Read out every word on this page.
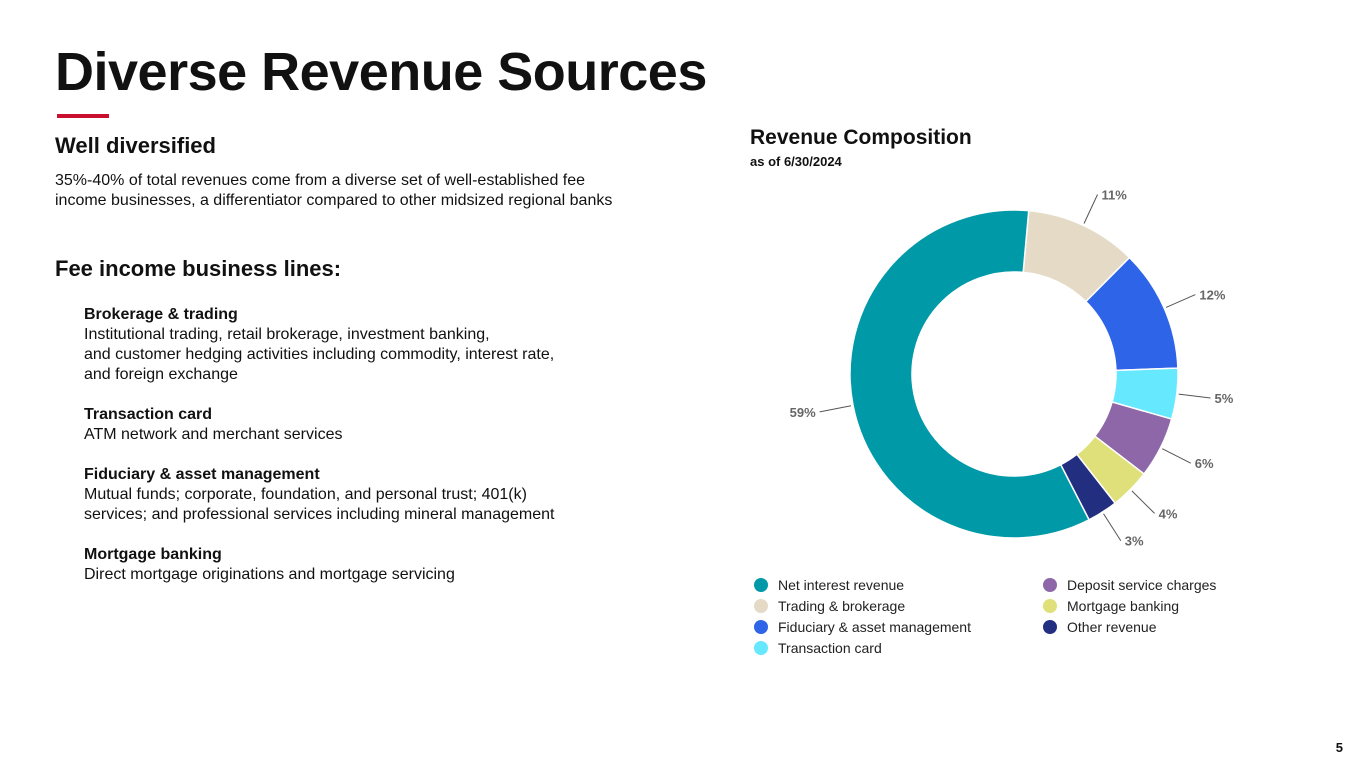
Diverse Revenue Sources
Well diversified
35%-40% of total revenues come from a diverse set of well-established fee income businesses, a differentiator compared to other midsized regional banks
Fee income business lines:
Brokerage & trading
Institutional trading, retail brokerage, investment banking,
and customer hedging activities including commodity, interest rate,
and foreign exchange
Transaction card
ATM network and merchant services
Fiduciary & asset management
Mutual funds; corporate, foundation, and personal trust; 401(k)
services; and professional services including mineral management
Mortgage banking
Direct mortgage originations and mortgage servicing
Revenue Composition
as of 6/30/2024
11%
12%
5%
6%
4%
3%
59%
Net interest revenue
Trading & brokerage
Fiduciary & asset management
Transaction card
Deposit service charges
Mortgage banking
Other revenue
5
